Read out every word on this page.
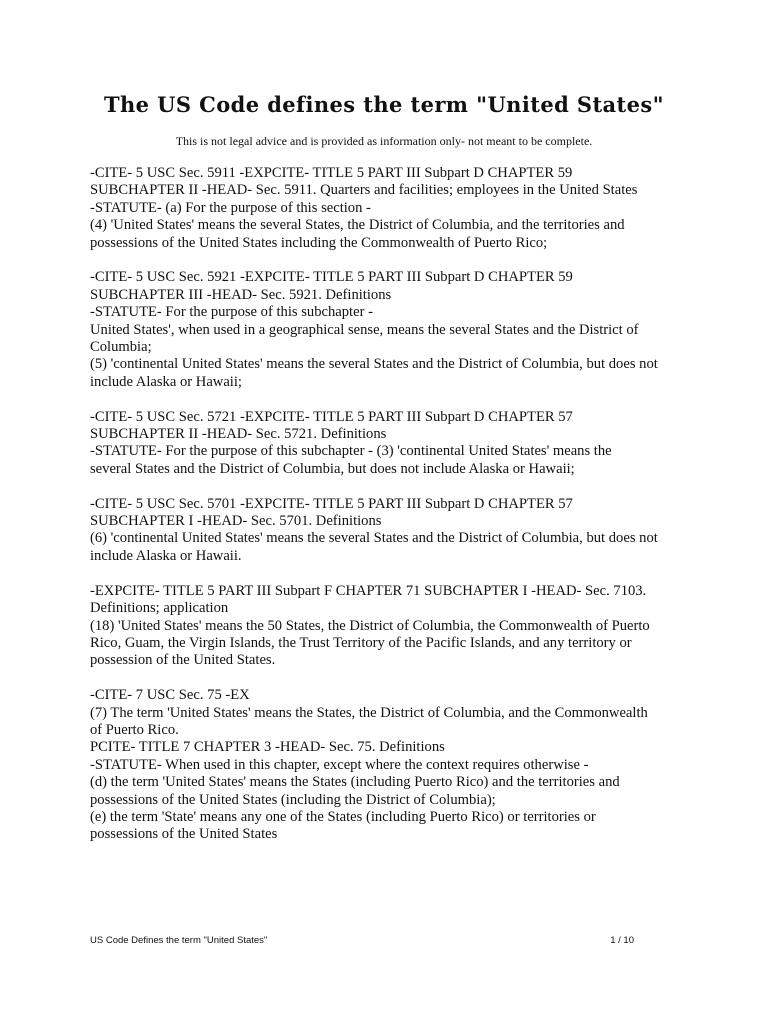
The US Code defines the term "United States"

This is not legal advice and is provided as information only- not meant to be complete.

-CITE- 5 USC Sec. 5911 -EXPCITE- TITLE 5 PART III Subpart D CHAPTER 59
SUBCHAPTER II -HEAD- Sec. 5911. Quarters and facilities; employees in the United States
-STATUTE- (a) For the purpose of this section -
(4) 'United States' means the several States, the District of Columbia, and the territories and
possessions of the United States including the Commonwealth of Puerto Rico;
-CITE- 5 USC Sec. 5921 -EXPCITE- TITLE 5 PART III Subpart D CHAPTER 59
SUBCHAPTER III -HEAD- Sec. 5921. Definitions
-STATUTE- For the purpose of this subchapter -
United States', when used in a geographical sense, means the several States and the District of
Columbia;
(5) 'continental United States' means the several States and the District of Columbia, but does not
include Alaska or Hawaii;
-CITE- 5 USC Sec. 5721 -EXPCITE- TITLE 5 PART III Subpart D CHAPTER 57
SUBCHAPTER II -HEAD- Sec. 5721. Definitions
-STATUTE- For the purpose of this subchapter - (3) 'continental United States' means the
several States and the District of Columbia, but does not include Alaska or Hawaii;
-CITE- 5 USC Sec. 5701 -EXPCITE- TITLE 5 PART III Subpart D CHAPTER 57
SUBCHAPTER I -HEAD- Sec. 5701. Definitions
(6) 'continental United States' means the several States and the District of Columbia, but does not
include Alaska or Hawaii.
-EXPCITE- TITLE 5 PART III Subpart F CHAPTER 71 SUBCHAPTER I -HEAD- Sec. 7103.
Definitions; application
(18) 'United States' means the 50 States, the District of Columbia, the Commonwealth of Puerto
Rico, Guam, the Virgin Islands, the Trust Territory of the Pacific Islands, and any territory or
possession of the United States.
-CITE- 7 USC Sec. 75 -EX
(7) The term 'United States' means the States, the District of Columbia, and the Commonwealth
of Puerto Rico.
PCITE- TITLE 7 CHAPTER 3 -HEAD- Sec. 75. Definitions
-STATUTE- When used in this chapter, except where the context requires otherwise -
(d) the term 'United States' means the States (including Puerto Rico) and the territories and
possessions of the United States (including the District of Columbia);
(e) the term 'State' means any one of the States (including Puerto Rico) or territories or
possessions of the United States
US Code Defines the term "United States"	1 / 10
